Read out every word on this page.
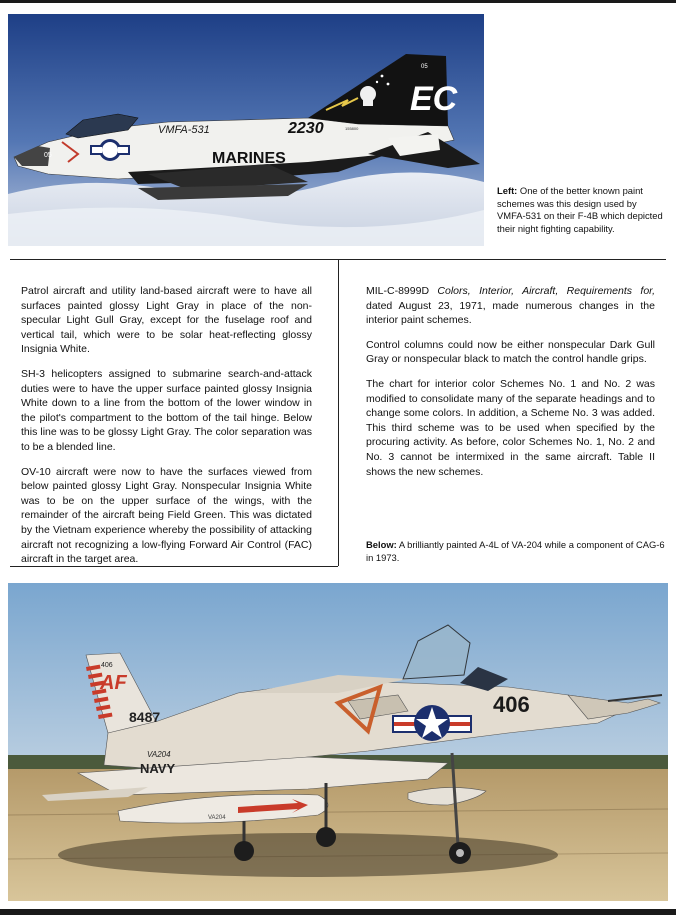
VMFA-531	2230
MARINES
EC
05
05
155800
Left: One of the better known paint schemes was this design used by VMFA-531 on their F-4B which depicted their night fighting capability.

Patrol aircraft and utility land-based aircraft were to have all surfaces painted glossy Light Gray in place of the non-specular Light Gull Gray, except for the fuselage roof and vertical tail, which were to be solar heat-reflecting glossy Insignia White.

SH-3 helicopters assigned to submarine search-and-attack duties were to have the upper surface painted glossy Insignia White down to a line from the bottom of the lower window in the pilot's compartment to the bottom of the tail hinge. Below this line was to be glossy Light Gray. The color separation was to be a blended line.

OV-10 aircraft were now to have the surfaces viewed from below painted glossy Light Gray. Nonspecular Insignia White was to be on the upper surface of the wings, with the remainder of the aircraft being Field Green. This was dictated by the Vietnam experience whereby the possibility of attacking aircraft not recognizing a low-flying Forward Air Control (FAC) aircraft in the target area.

MIL-C-8999D Colors, Interior, Aircraft, Requirements for, dated August 23, 1971, made numerous changes in the interior paint schemes.

Control columns could now be either nonspecular Dark Gull Gray or nonspecular black to match the control handle grips.

The chart for interior color Schemes No. 1 and No. 2 was modified to consolidate many of the separate headings and to change some colors. In addition, a Scheme No. 3 was added. This third scheme was to be used when specified by the procuring activity. As before, color Schemes No. 1, No. 2 and No. 3 cannot be intermixed in the same aircraft. Table II shows the new schemes.

Below: A brilliantly painted A-4L of VA-204 while a component of CAG-6 in 1973.
AF
406
8487	406
VA204
NAVY
VA204
